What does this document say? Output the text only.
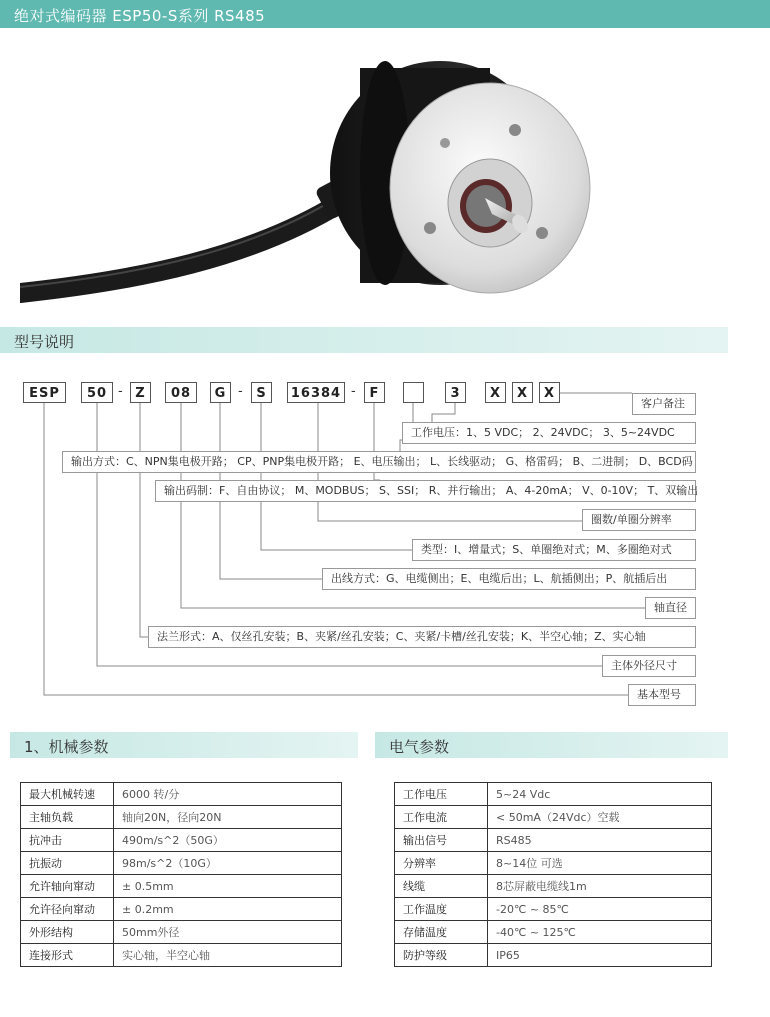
绝对式编码器 ESP50-S系列 RS485
型号说明
ESP	50 - Z	08	G -	S	16384 -	F	3	X	X	X
客户备注
工作电压：1、5 VDC； 2、24VDC； 3、5~24VDC
输出方式：C、NPN集电极开路； CP、PNP集电极开路； E、电压输出； L、长线驱动； G、格雷码； B、二进制； D、BCD码
输出码制：F、自由协议； M、MODBUS； S、SSI； R、并行输出； A、4-20mA； V、0-10V； T、双输出
圈数/单圈分辨率
类型：I、增量式；S、单圈绝对式；M、多圈绝对式
出线方式：G、电缆侧出；E、电缆后出；L、航插侧出；P、航插后出
轴直径
法兰形式：A、仅丝孔安装；B、夹紧/丝孔安装；C、夹紧/卡槽/丝孔安装；K、半空心轴；Z、实心轴
主体外径尺寸
基本型号
1、机械参数	电气参数
最大机械转速	6000 转/分
主轴负载	轴向20N，径向20N
抗冲击	490m/s^2（50G）
抗振动	98m/s^2（10G）
允许轴向窜动	± 0.5mm
允许径向窜动	± 0.2mm
外形结构	50mm外径
连接形式	实心轴，半空心轴
工作电压	5~24 Vdc
工作电流	< 50mA（24Vdc）空载
输出信号	RS485
分辨率	8~14位 可选
线缆	8芯屏蔽电缆线1m
工作温度	-20℃ ~ 85℃
存储温度	-40℃ ~ 125℃
防护等级	IP65
